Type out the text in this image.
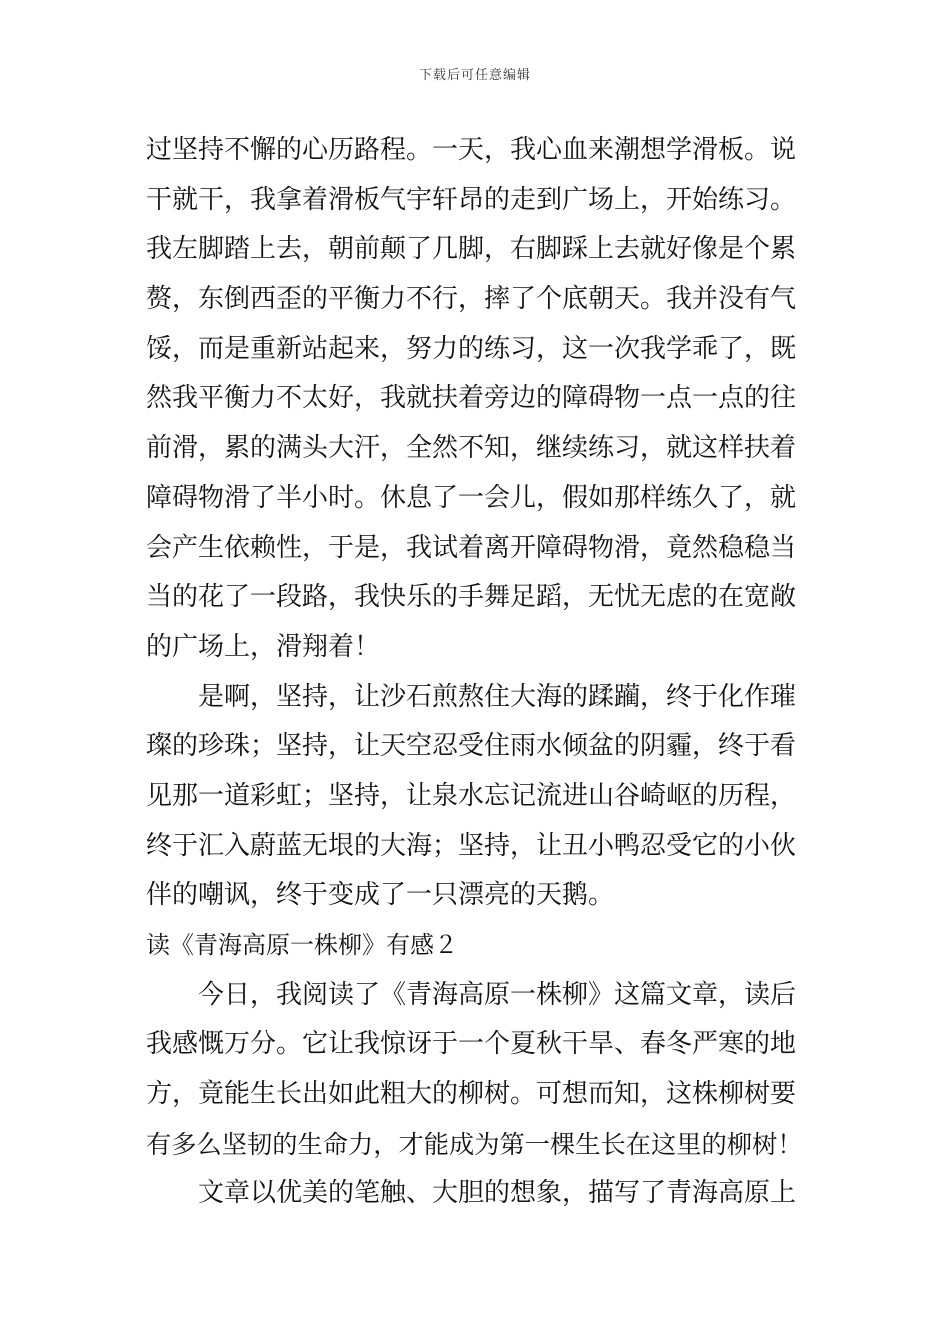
下载后可任意编辑
过坚持不懈的心历路程。一天，我心血来潮想学滑板。说
干就干，我拿着滑板气宇轩昂的走到广场上，开始练习。
我左脚踏上去，朝前颠了几脚，右脚踩上去就好像是个累
赘，东倒西歪的平衡力不行，摔了个底朝天。我并没有气
馁，而是重新站起来，努力的练习，这一次我学乖了，既
然我平衡力不太好，我就扶着旁边的障碍物一点一点的往
前滑，累的满头大汗，全然不知，继续练习，就这样扶着
障碍物滑了半小时。休息了一会儿，假如那样练久了，就
会产生依赖性，于是，我试着离开障碍物滑，竟然稳稳当
当的花了一段路，我快乐的手舞足蹈，无忧无虑的在宽敞
的广场上，滑翔着！
是啊，坚持，让沙石煎熬住大海的蹂躏，终于化作璀
璨的珍珠；坚持，让天空忍受住雨水倾盆的阴霾，终于看
见那一道彩虹；坚持，让泉水忘记流进山谷崎岖的历程，
终于汇入蔚蓝无垠的大海；坚持，让丑小鸭忍受它的小伙
伴的嘲讽，终于变成了一只漂亮的天鹅。
读《青海高原一株柳》有感２
今日，我阅读了《青海高原一株柳》这篇文章，读后
我感慨万分。它让我惊讶于一个夏秋干旱、春冬严寒的地
方，竟能生长出如此粗大的柳树。可想而知，这株柳树要
有多么坚韧的生命力，才能成为第一棵生长在这里的柳树！
文章以优美的笔触、大胆的想象，描写了青海高原上
